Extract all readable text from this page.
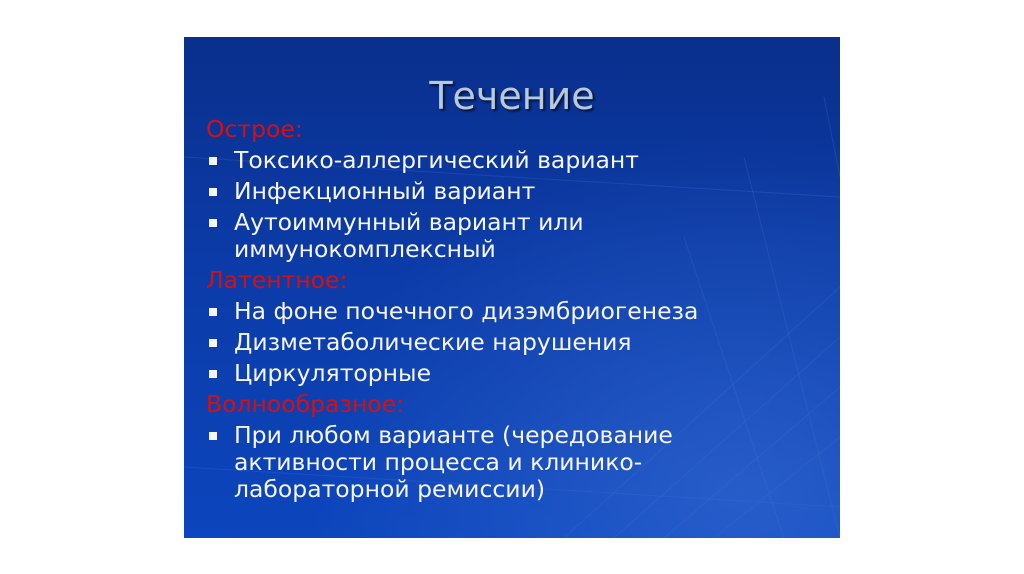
Течение

Острое:

Токсико-аллергический вариант
Инфекционный вариант
Аутоиммунный вариант или
иммунокомплексный

Латентное:

На фоне почечного дизэмбриогенеза
Дизметаболические нарушения
Циркуляторные

Волнообразное:

При любом варианте (чередование
активности процесса и клинико-
лабораторной ремиссии)
